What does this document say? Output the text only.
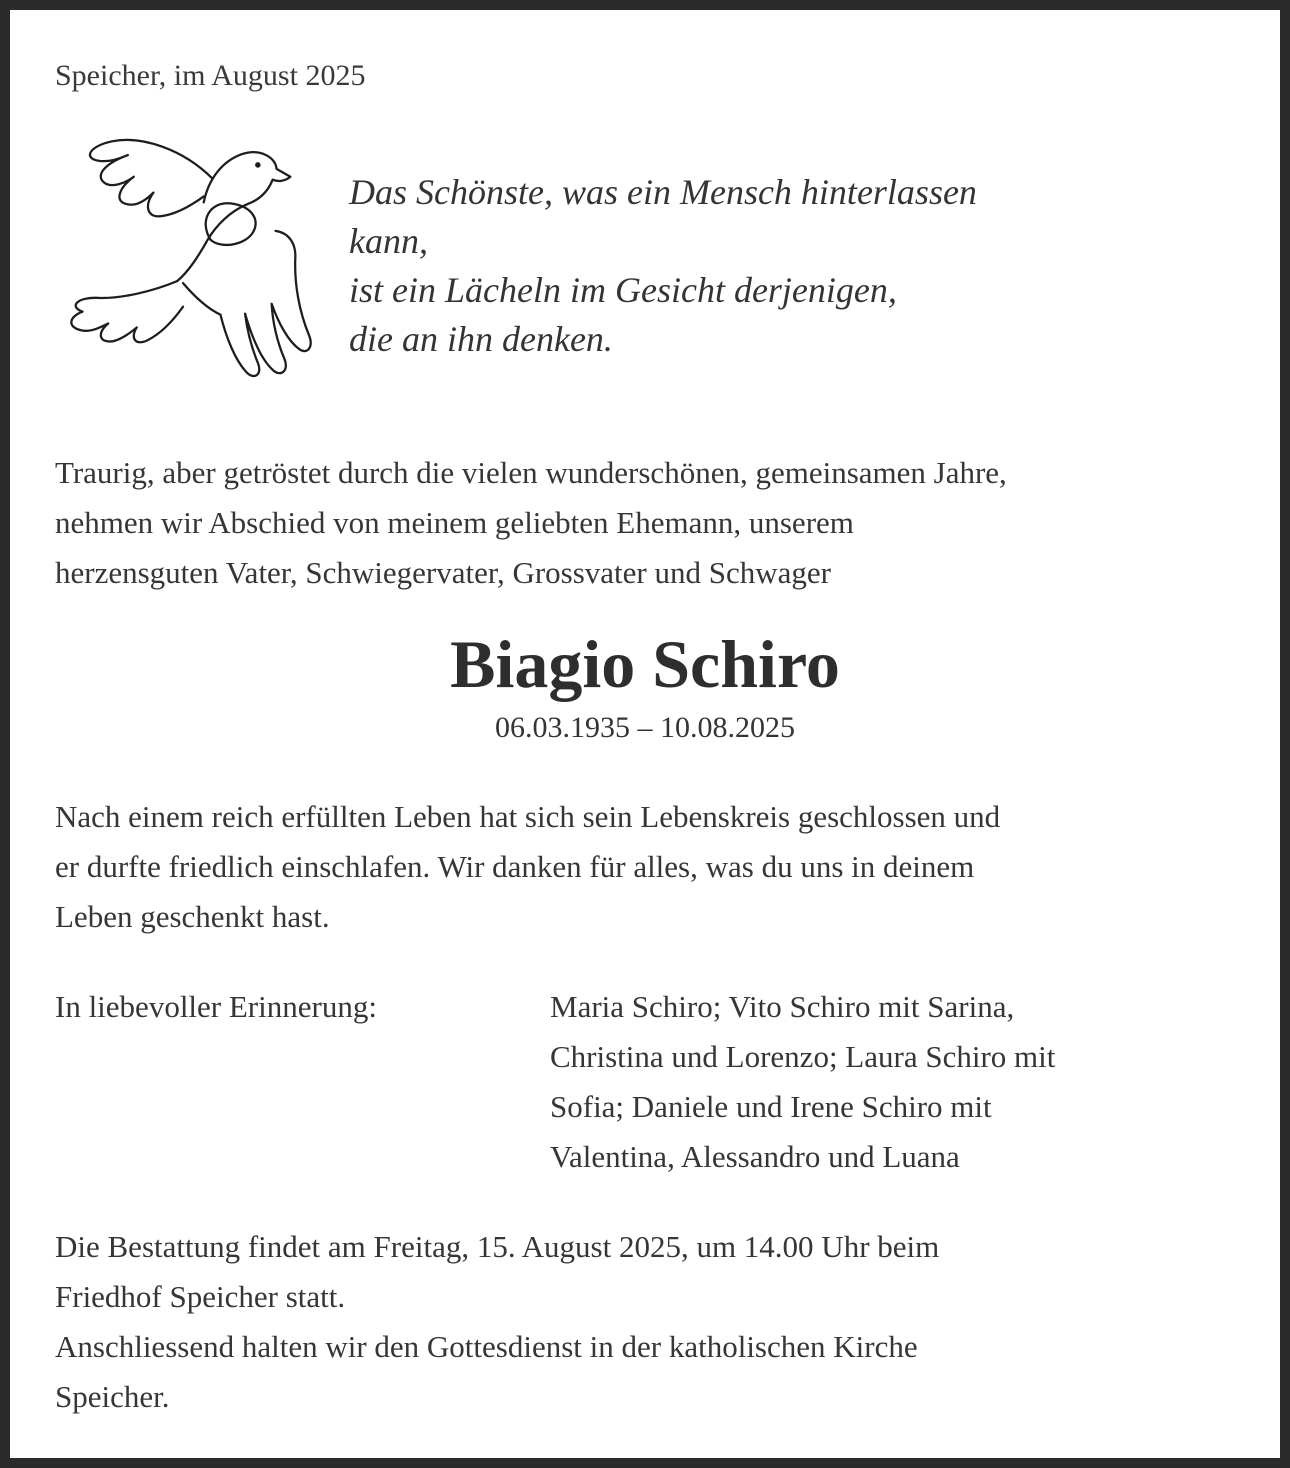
Speicher, im August 2025
Das Schönste, was ein Mensch hinterlassen
kann,
ist ein Lächeln im Gesicht derjenigen,
die an ihn denken.
Traurig, aber getröstet durch die vielen wunderschönen, gemeinsamen Jahre,
nehmen wir Abschied von meinem geliebten Ehemann, unserem
herzensguten Vater, Schwiegervater, Grossvater und Schwager
Biagio Schiro
06.03.1935 – 10.08.2025
Nach einem reich erfüllten Leben hat sich sein Lebenskreis geschlossen und
er durfte friedlich einschlafen. Wir danken für alles, was du uns in deinem
Leben geschenkt hast.
In liebevoller Erinnerung:	Maria Schiro; Vito Schiro mit Sarina,
Christina und Lorenzo; Laura Schiro mit
Sofia; Daniele und Irene Schiro mit
Valentina, Alessandro und Luana
Die Bestattung findet am Freitag, 15. August 2025, um 14.00 Uhr beim
Friedhof Speicher statt.
Anschliessend halten wir den Gottesdienst in der katholischen Kirche
Speicher.
